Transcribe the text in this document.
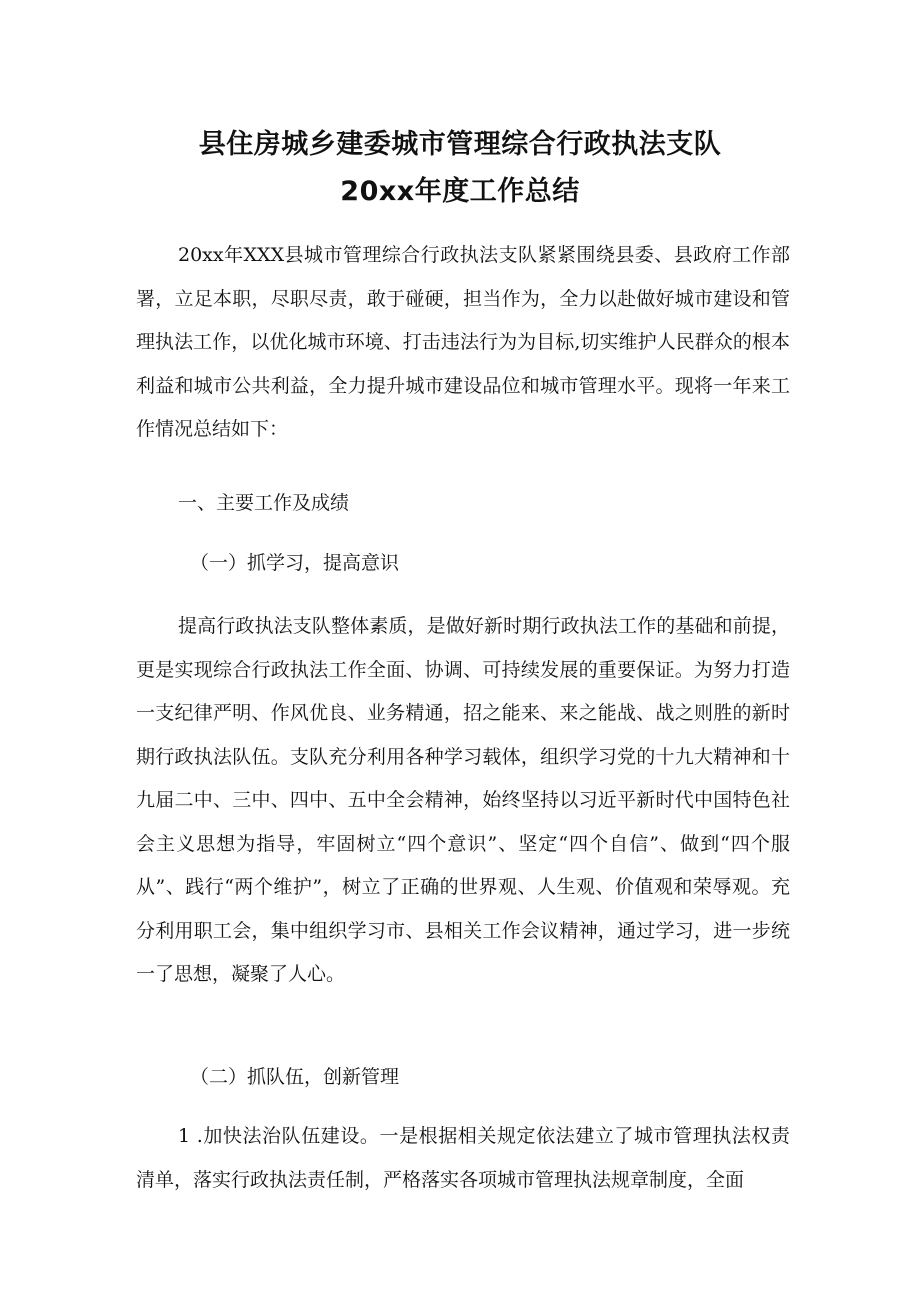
县住房城乡建委城市管理综合行政执法支队
20xx年度工作总结

20xx年XXX县城市管理综合行政执法支队紧紧围绕县委、县政府工作部署，立足本职，尽职尽责，敢于碰硬，担当作为，全力以赴做好城市建设和管理执法工作，以优化城市环境、打击违法行为为目标,切实维护人民群众的根本利益和城市公共利益，全力提升城市建设品位和城市管理水平。现将一年来工作情况总结如下：

一、主要工作及成绩

（一）抓学习，提高意识

提高行政执法支队整体素质，是做好新时期行政执法工作的基础和前提，更是实现综合行政执法工作全面、协调、可持续发展的重要保证。为努力打造一支纪律严明、作风优良、业务精通，招之能来、来之能战、战之则胜的新时期行政执法队伍。支队充分利用各种学习载体，组织学习党的十九大精神和十九届二中、三中、四中、五中全会精神，始终坚持以习近平新时代中国特色社会主义思想为指导，牢固树立“四个意识”、坚定“四个自信”、做到“四个服从”、践行“两个维护”，树立了正确的世界观、人生观、价值观和荣辱观。充分利用职工会，集中组织学习市、县相关工作会议精神，通过学习，进一步统一了思想，凝聚了人心。

（二）抓队伍，创新管理

1 .加快法治队伍建设。一是根据相关规定依法建立了城市管理执法权责清单，落实行政执法责任制，严格落实各项城市管理执法规章制度，全面
